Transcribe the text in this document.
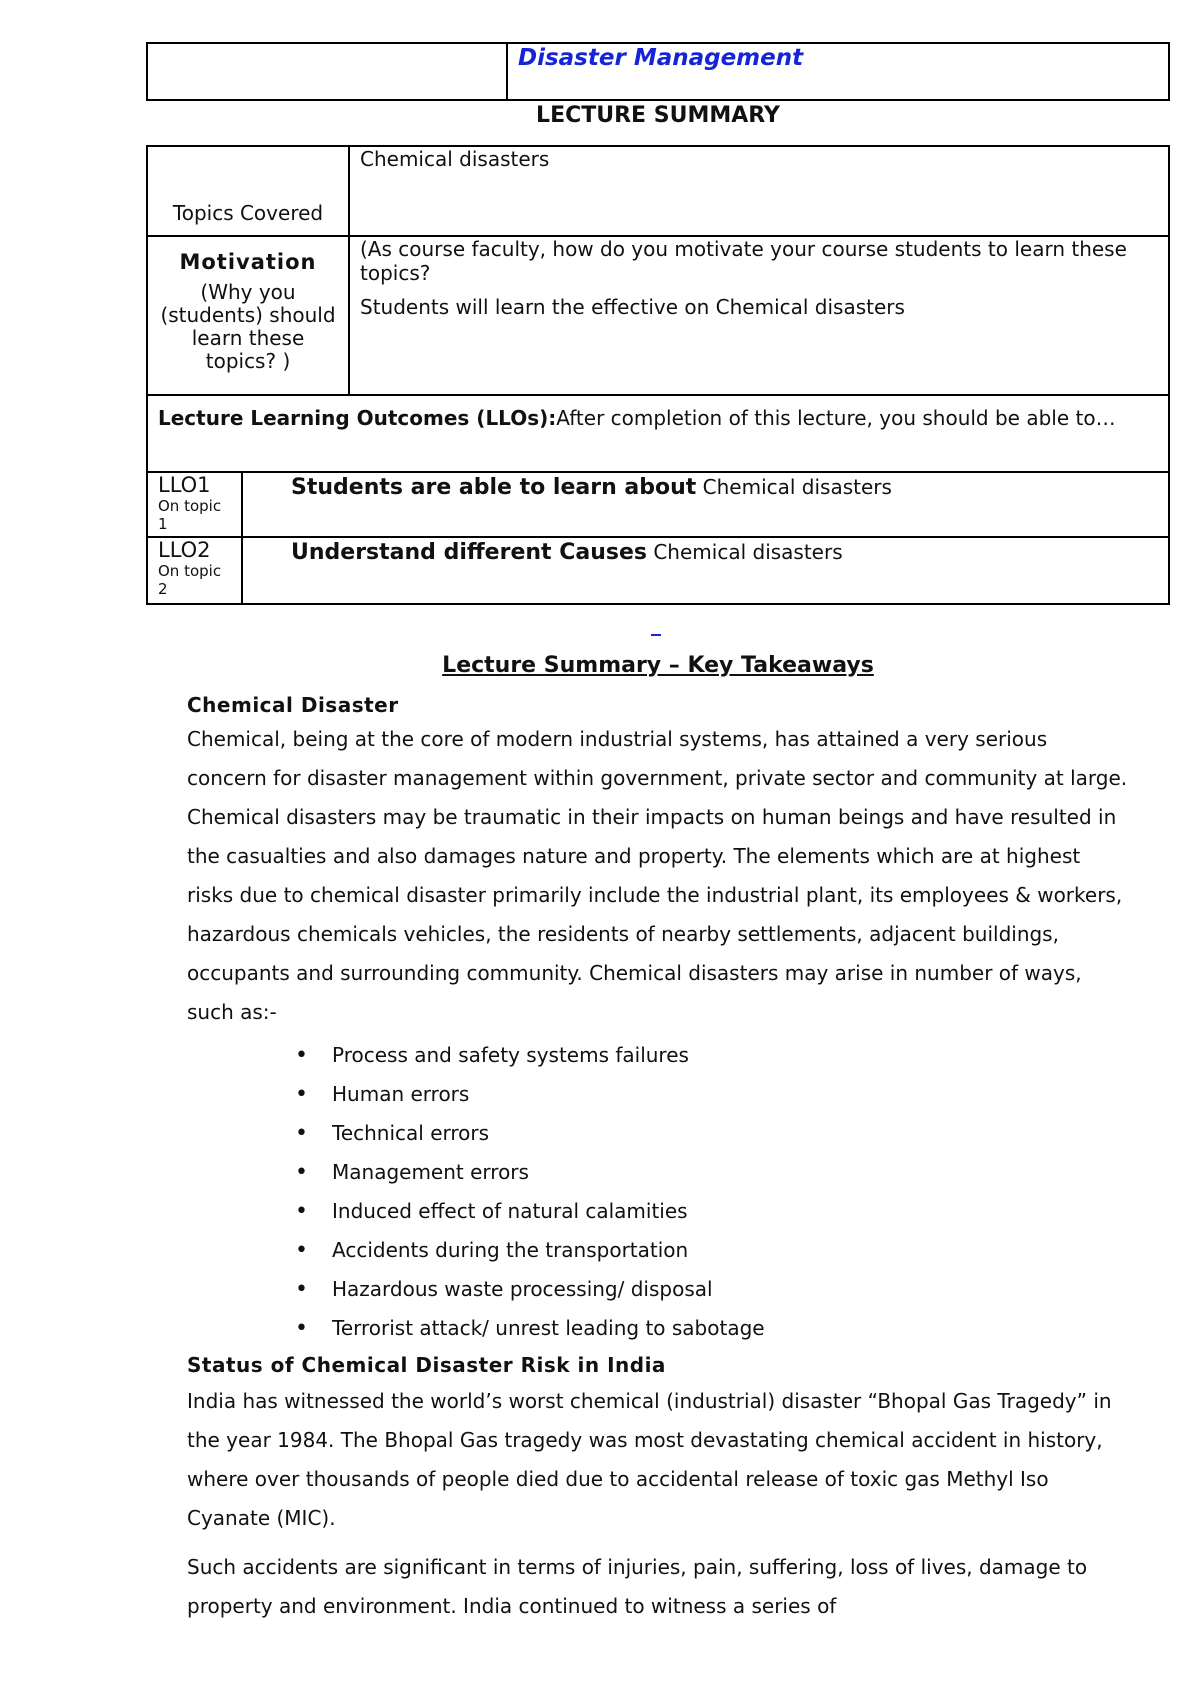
Disaster Management
LECTURE SUMMARY
Topics Covered
Chemical disasters
Motivation
(Why you (students) should learn these topics? )

(As course faculty, how do you motivate your course students to learn these topics?

Students will learn the effective on Chemical disasters

Lecture Learning Outcomes (LLOs):After completion of this lecture, you should be able to…
LLO1
On topic 1
Students are able to learn about Chemical disasters
LLO2
On topic 2
Understand different Causes Chemical disasters
Lecture Summary – Key Takeaways
Chemical Disaster

Chemical, being at the core of modern industrial systems, has attained a very serious concern for disaster management within government, private sector and community at large. Chemical disasters may be traumatic in their impacts on human beings and have resulted in the casualties and also damages nature and property. The elements which are at highest risks due to chemical disaster primarily include the industrial plant, its employees & workers, hazardous chemicals vehicles, the residents of nearby settlements, adjacent buildings, occupants and surrounding community. Chemical disasters may arise in number of ways, such as:-

• Process and safety systems failures
• Human errors
• Technical errors
• Management errors
• Induced effect of natural calamities
• Accidents during the transportation
• Hazardous waste processing/ disposal
• Terrorist attack/ unrest leading to sabotage
Status of Chemical Disaster Risk in India

India has witnessed the world’s worst chemical (industrial) disaster “Bhopal Gas Tragedy” in the year 1984. The Bhopal Gas tragedy was most devastating chemical accident in history, where over thousands of people died due to accidental release of toxic gas Methyl Iso Cyanate (MIC).

Such accidents are significant in terms of injuries, pain, suffering, loss of lives, damage to property and environment. India continued to witness a series of
